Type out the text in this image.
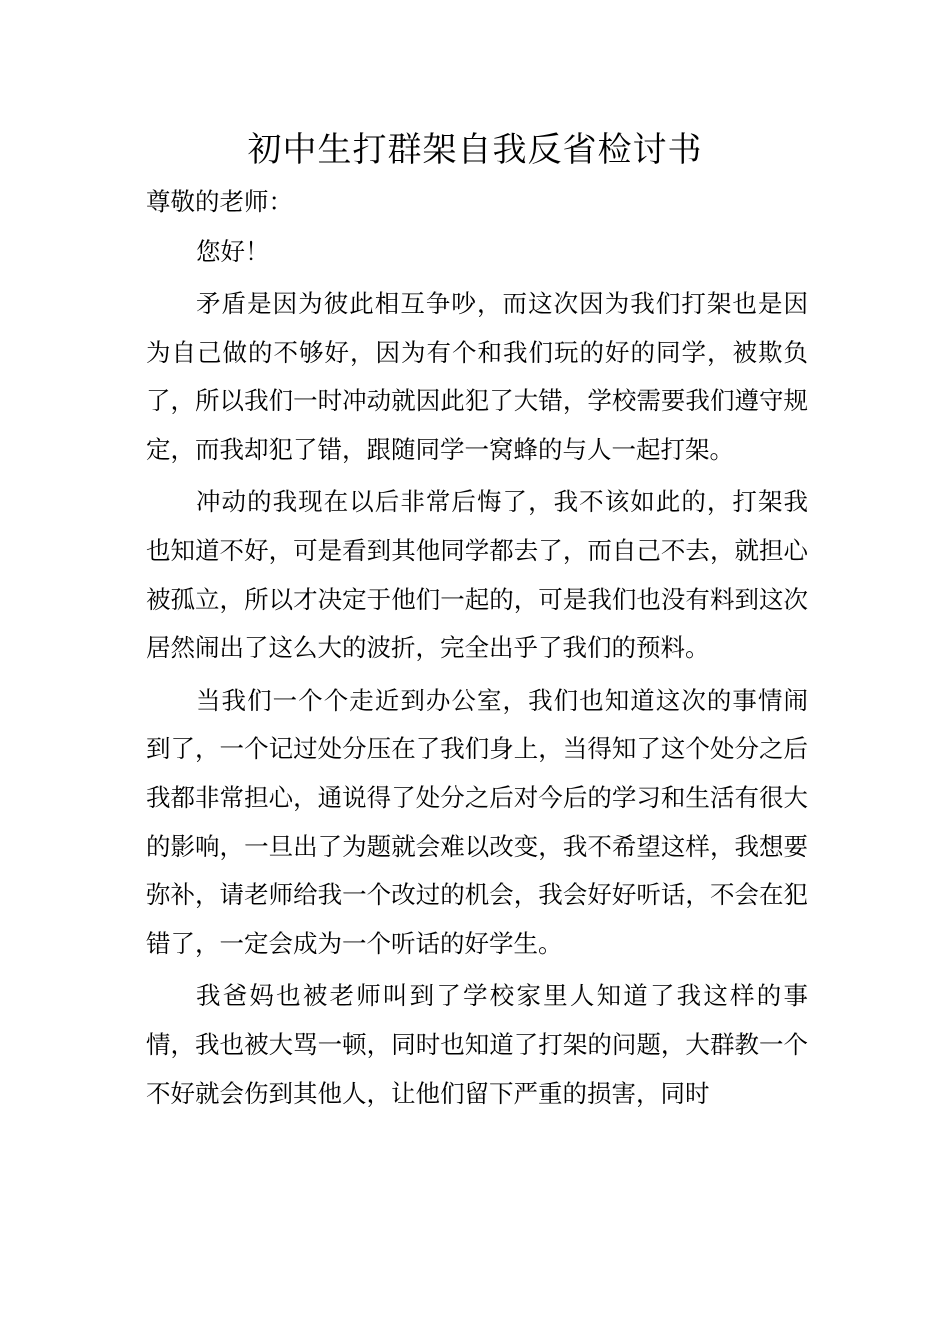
初中生打群架自我反省检讨书

尊敬的老师：

您好！

矛盾是因为彼此相互争吵，而这次因为我们打架也是因为自己做的不够好，因为有个和我们玩的好的同学，被欺负了，所以我们一时冲动就因此犯了大错，学校需要我们遵守规定，而我却犯了错，跟随同学一窝蜂的与人一起打架。

冲动的我现在以后非常后悔了，我不该如此的，打架我也知道不好，可是看到其他同学都去了，而自己不去，就担心被孤立，所以才决定于他们一起的，可是我们也没有料到这次居然闹出了这么大的波折，完全出乎了我们的预料。

当我们一个个走近到办公室，我们也知道这次的事情闹到了，一个记过处分压在了我们身上，当得知了这个处分之后我都非常担心，通说得了处分之后对今后的学习和生活有很大的影响，一旦出了为题就会难以改变，我不希望这样，我想要弥补，请老师给我一个改过的机会，我会好好听话，不会在犯错了，一定会成为一个听话的好学生。

我爸妈也被老师叫到了学校家里人知道了我这样的事情，我也被大骂一顿，同时也知道了打架的问题，大群教一个不好就会伤到其他人，让他们留下严重的损害，同时
